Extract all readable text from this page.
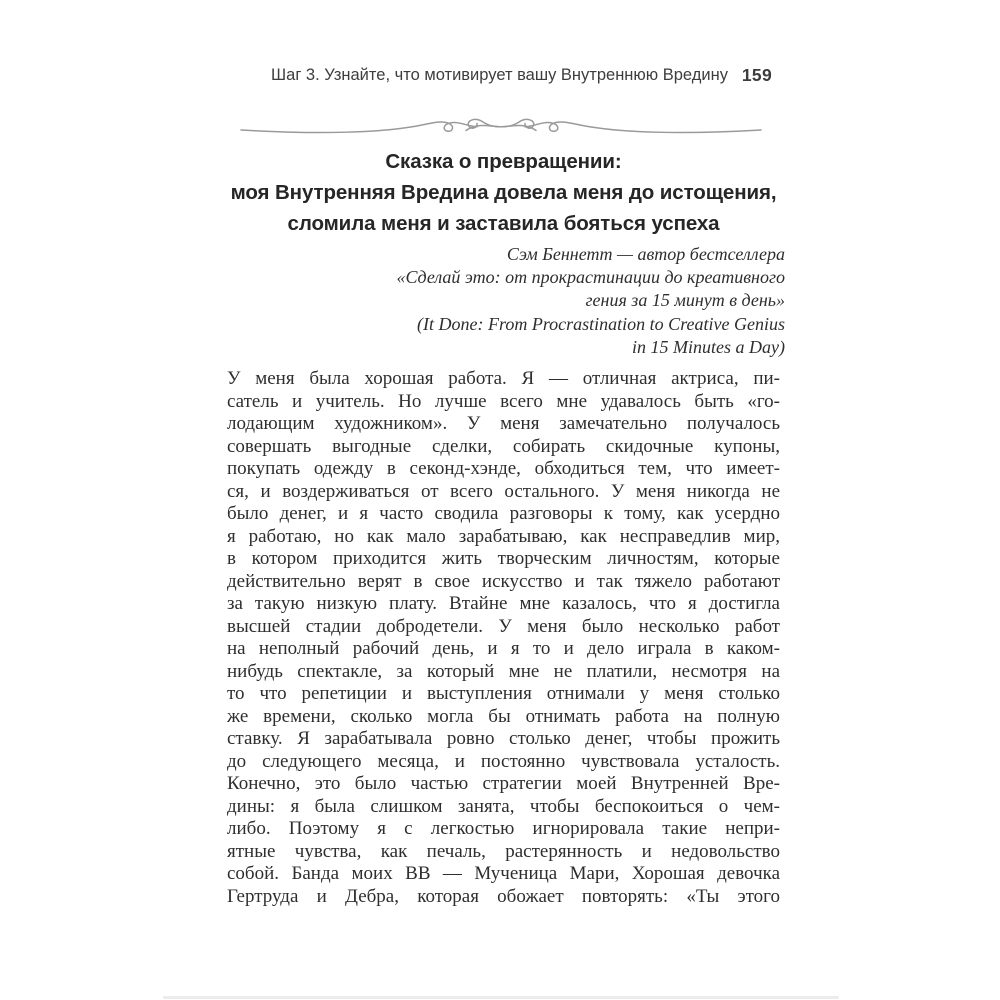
Шаг 3. Узнайте, что мотивирует вашу Внутреннюю Вредину 159
Сказка о превращении:
моя Внутренняя Вредина довела меня до истощения,
сломила меня и заставила бояться успеха
Сэм Беннетт — автор бестселлера
«Сделай это: от прокрастинации до креативного
гения за 15 минут в день»
(It Done: From Procrastination to Creative Genius
in 15 Minutes a Day)
У меня была хорошая работа. Я — отличная актриса, пи-
сатель и учитель. Но лучше всего мне удавалось быть «го-
лодающим художником». У меня замечательно получалось
совершать выгодные сделки, собирать скидочные купоны,
покупать одежду в секонд-хэнде, обходиться тем, что имеет-
ся, и воздерживаться от всего остального. У меня никогда не
было денег, и я часто сводила разговоры к тому, как усердно
я работаю, но как мало зарабатываю, как несправедлив мир,
в котором приходится жить творческим личностям, которые
действительно верят в свое искусство и так тяжело работают
за такую низкую плату. Втайне мне казалось, что я достигла
высшей стадии добродетели. У меня было несколько работ
на неполный рабочий день, и я то и дело играла в каком-
нибудь спектакле, за который мне не платили, несмотря на
то что репетиции и выступления отнимали у меня столько
же времени, сколько могла бы отнимать работа на полную
ставку. Я зарабатывала ровно столько денег, чтобы прожить
до следующего месяца, и постоянно чувствовала усталость.
Конечно, это было частью стратегии моей Внутренней Вре-
дины: я была слишком занята, чтобы беспокоиться о чем-
либо. Поэтому я с легкостью игнорировала такие непри-
ятные чувства, как печаль, растерянность и недовольство
собой. Банда моих ВВ — Мученица Мари, Хорошая девочка
Гертруда и Дебра, которая обожает повторять: «Ты этого
